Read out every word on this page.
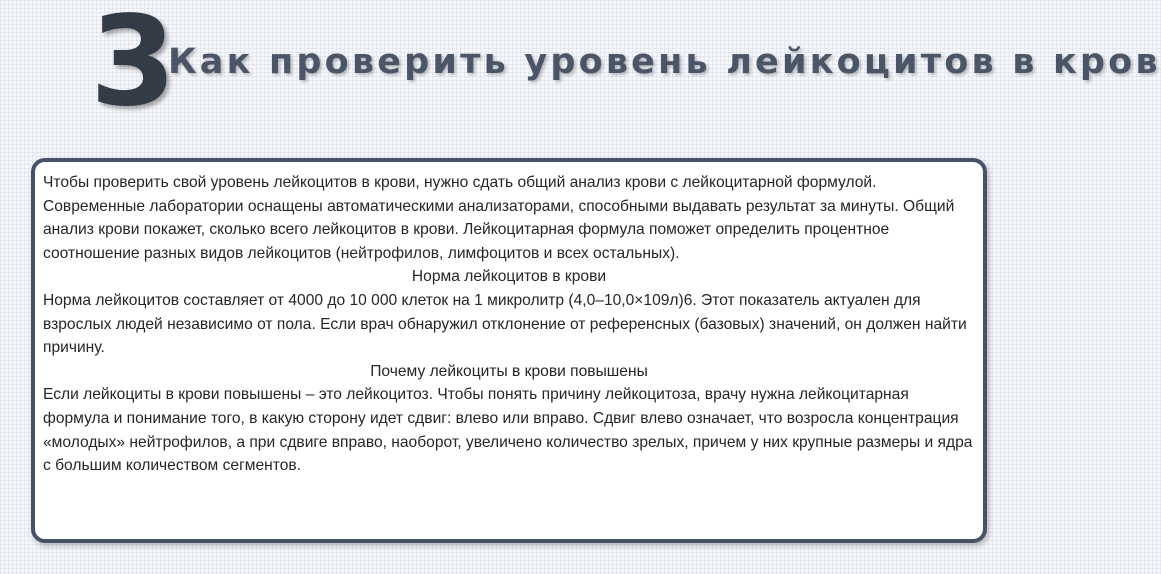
3
Как проверить уровень лейкоцитов в кров

Чтобы проверить свой уровень лейкоцитов в крови, нужно сдать общий анализ крови с лейкоцитарной формулой. Современные лаборатории оснащены автоматическими анализаторами, способными выдавать результат за минуты. Общий анализ крови покажет, сколько всего лейкоцитов в крови. Лейкоцитарная формула поможет определить процентное соотношение разных видов лейкоцитов (нейтрофилов, лимфоцитов и всех остальных).

Норма лейкоцитов в крови

Норма лейкоцитов составляет от 4000 до 10 000 клеток на 1 микролитр (4,0–10,0×109л)6. Этот показатель актуален для взрослых людей независимо от пола. Если врач обнаружил отклонение от референсных (базовых) значений, он должен найти причину.

Почему лейкоциты в крови повышены

Если лейкоциты в крови повышены – это лейкоцитоз. Чтобы понять причину лейкоцитоза, врачу нужна лейкоцитарная формула и понимание того, в какую сторону идет сдвиг: влево или вправо. Сдвиг влево означает, что возросла концентрация «молодых» нейтрофилов, а при сдвиге вправо, наоборот, увеличено количество зрелых, причем у них крупные размеры и ядра с большим количеством сегментов.
